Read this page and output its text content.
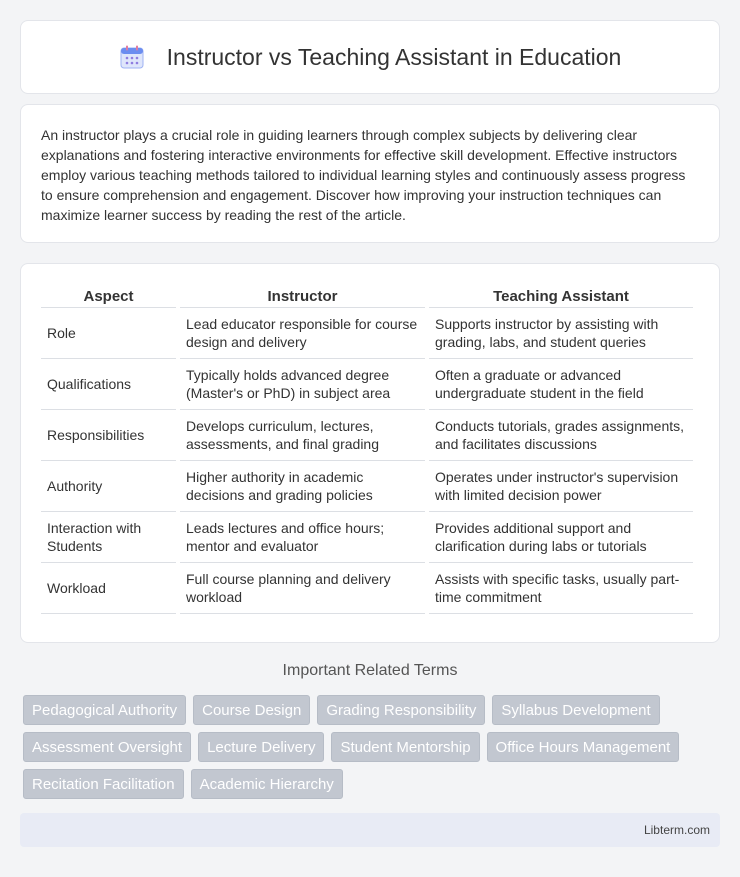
Instructor vs Teaching Assistant in Education

An instructor plays a crucial role in guiding learners through complex subjects by delivering clear explanations and fostering interactive environments for effective skill development. Effective instructors employ various teaching methods tailored to individual learning styles and continuously assess progress to ensure comprehension and engagement. Discover how improving your instruction techniques can maximize learner success by reading the rest of the article.

Aspect	Instructor	Teaching Assistant
Role	Lead educator responsible for course design and delivery	Supports instructor by assisting with grading, labs, and student queries
Qualifications	Typically holds advanced degree (Master's or PhD) in subject area	Often a graduate or advanced undergraduate student in the field
Responsibilities	Develops curriculum, lectures, assessments, and final grading	Conducts tutorials, grades assignments, and facilitates discussions
Authority	Higher authority in academic decisions and grading policies	Operates under instructor's supervision with limited decision power
Interaction with Students	Leads lectures and office hours; mentor and evaluator	Provides additional support and clarification during labs or tutorials
Workload	Full course planning and delivery workload	Assists with specific tasks, usually part-time commitment
Important Related Terms
Pedagogical Authority	Course Design	Grading Responsibility	Syllabus Development
Assessment Oversight	Lecture Delivery	Student Mentorship	Office Hours Management
Recitation Facilitation	Academic Hierarchy
Libterm.com
